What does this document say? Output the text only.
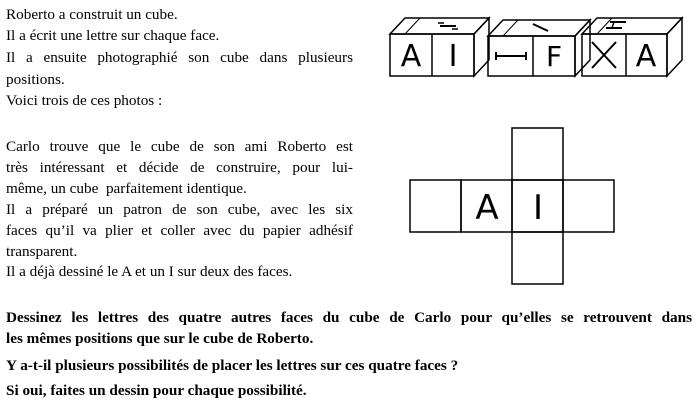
Roberto a construit un cube.

Il a écrit une lettre sur chaque face.

Il a ensuite photographié son cube dans plusieurs

positions.

Voici trois de ces photos :

Carlo trouve que le cube de son ami Roberto est

très intéressant et décide de construire, pour lui-

même, un cube  parfaitement identique.

Il a préparé un patron de son cube, avec les six

faces qu’il va plier et coller avec du papier adhésif

transparent.

Il a déjà dessiné le A et un I sur deux des faces.

Dessinez les lettres des quatre autres faces du cube de Carlo pour qu’elles se retrouvent dans

les mêmes positions que sur le cube de Roberto.

Y a-t-il plusieurs possibilités de placer les lettres sur ces quatre faces ?

Si oui, faites un dessin pour chaque possibilité.

A I	F A
A I
